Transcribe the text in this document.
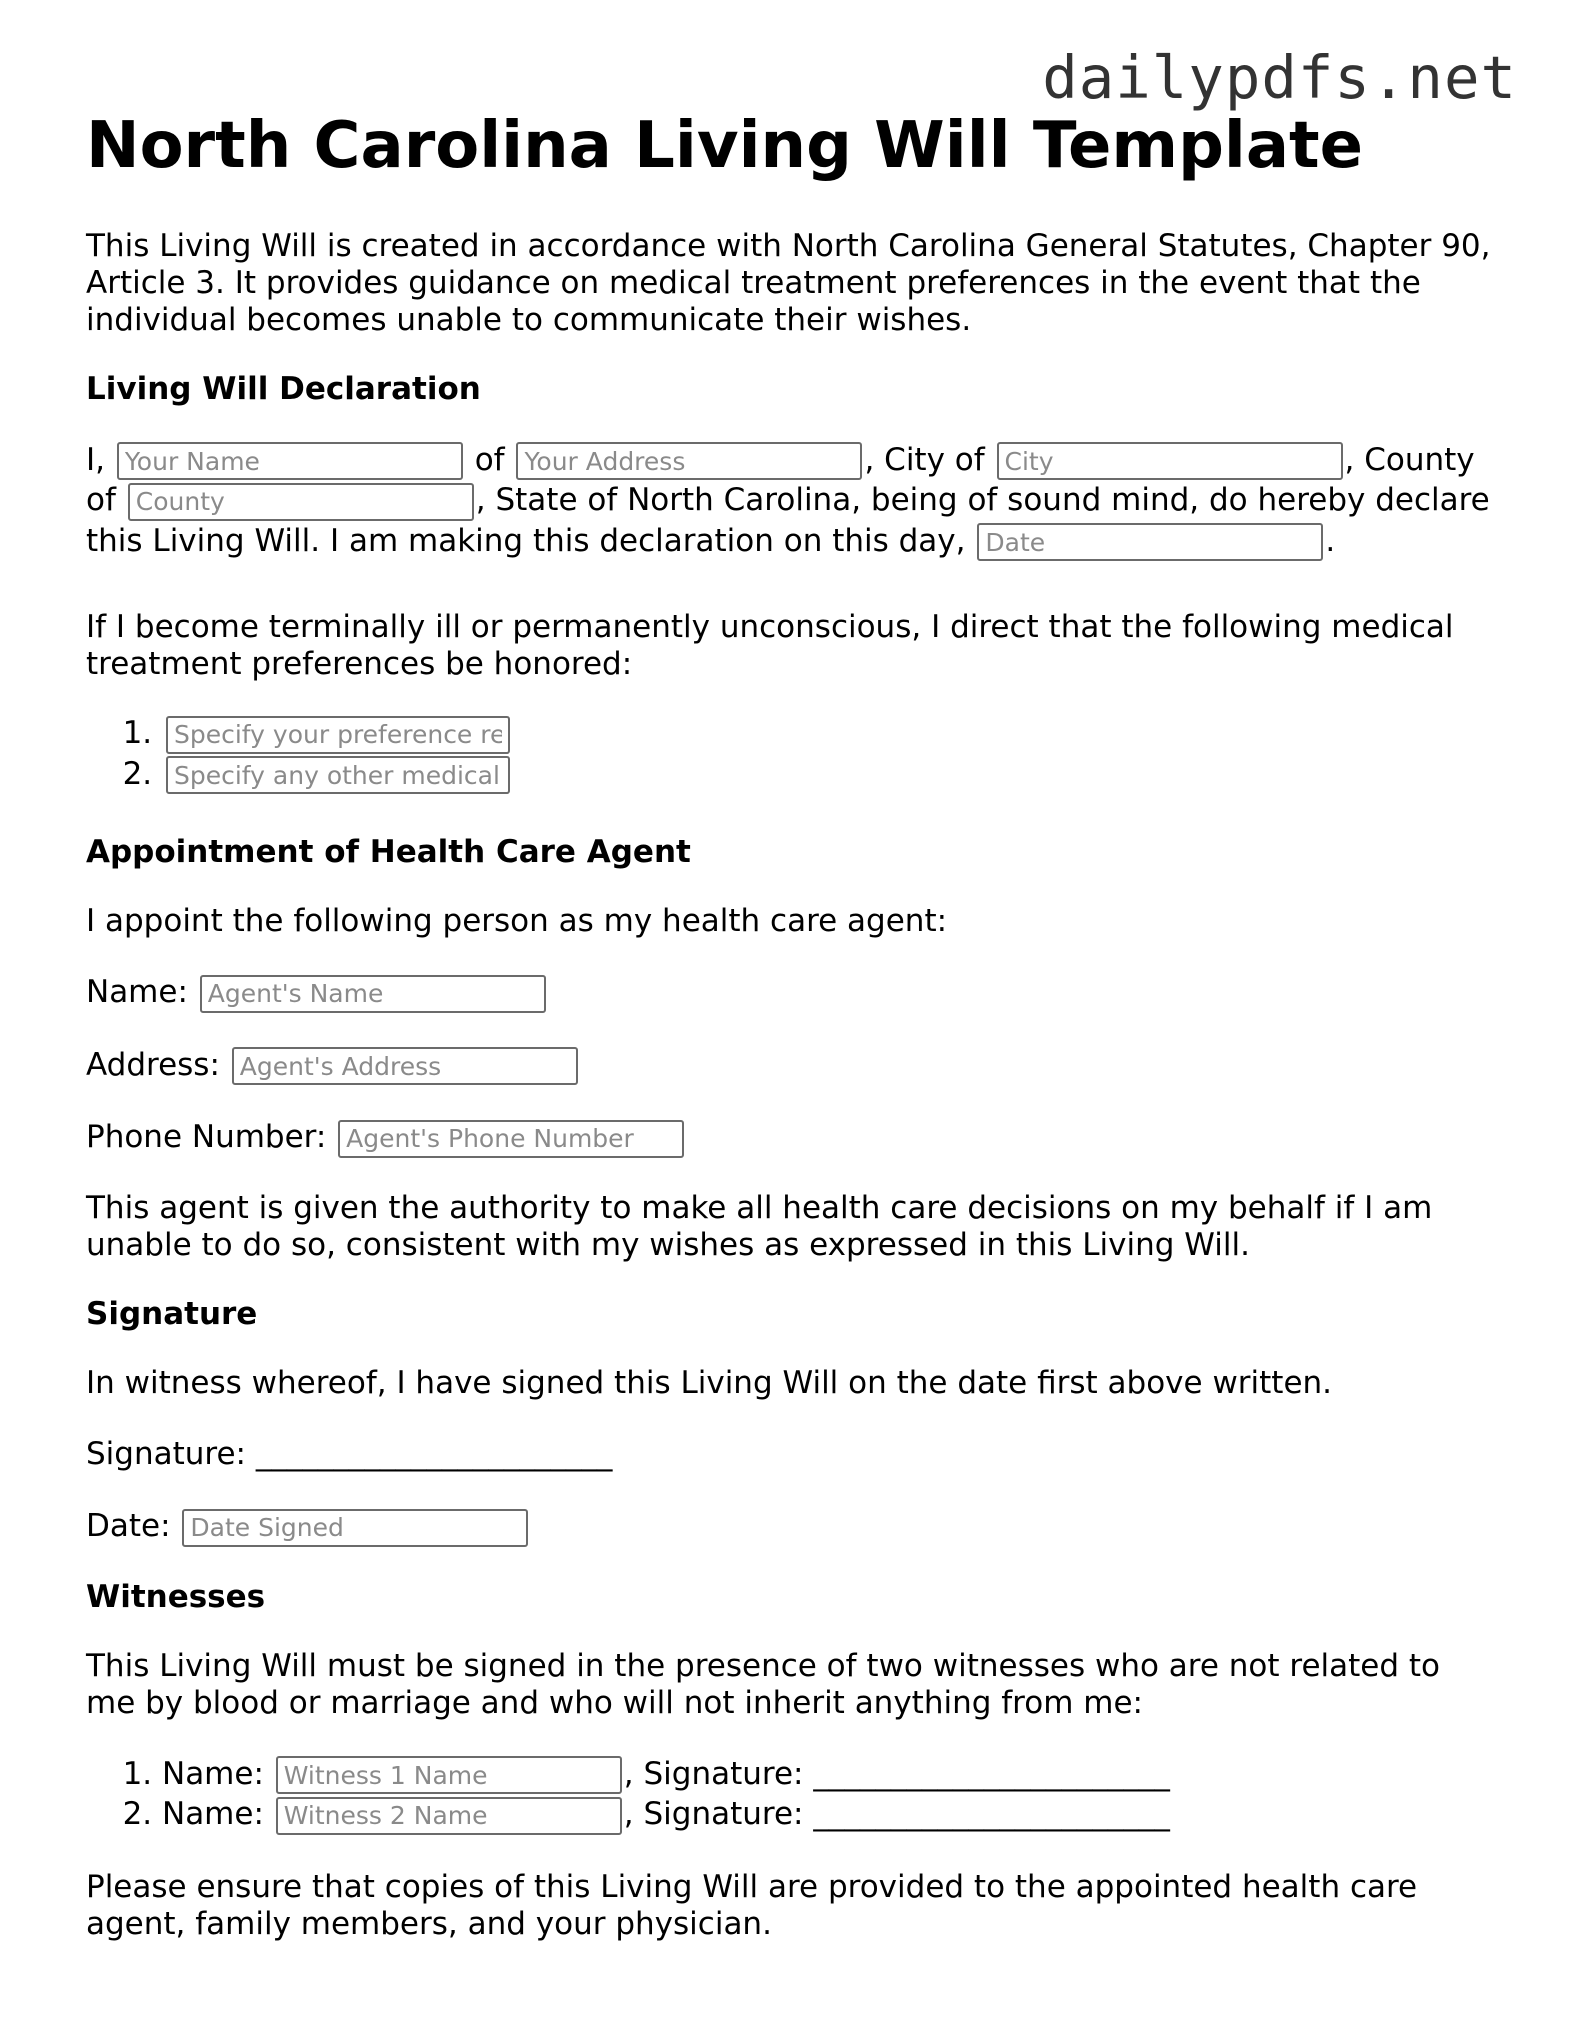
dailypdfs.net
North Carolina Living Will Template

This Living Will is created in accordance with North Carolina General Statutes, Chapter 90, Article 3. It provides guidance on medical treatment preferences in the event that the individual becomes unable to communicate their wishes.

Living Will Declaration

I, Your Name	of Your Address	, City of City	, County of County	, State of North Carolina, being of sound mind, do hereby declare this Living Will. I am making this declaration on this day, Date	.

If I become terminally ill or permanently unconscious, I direct that the following medical treatment preferences be honored:

1. Specify your preference regarding life-sustaining treatment
2. Specify any other medical treatment preferences
Appointment of Health Care Agent

I appoint the following person as my health care agent:

Name: Agent's Name
Address: Agent's Address
Phone Number: Agent's Phone Number

This agent is given the authority to make all health care decisions on my behalf if I am unable to do so, consistent with my wishes as expressed in this Living Will.

Signature

In witness whereof, I have signed this Living Will on the date first above written.

Signature: _______________________
Date: Date Signed
Witnesses

This Living Will must be signed in the presence of two witnesses who are not related to me by blood or marriage and who will not inherit anything from me:

1. Name: Witness 1 Name	, Signature: _______________________
2. Name: Witness 2 Name	, Signature: _______________________

Please ensure that copies of this Living Will are provided to the appointed health care agent, family members, and your physician.
